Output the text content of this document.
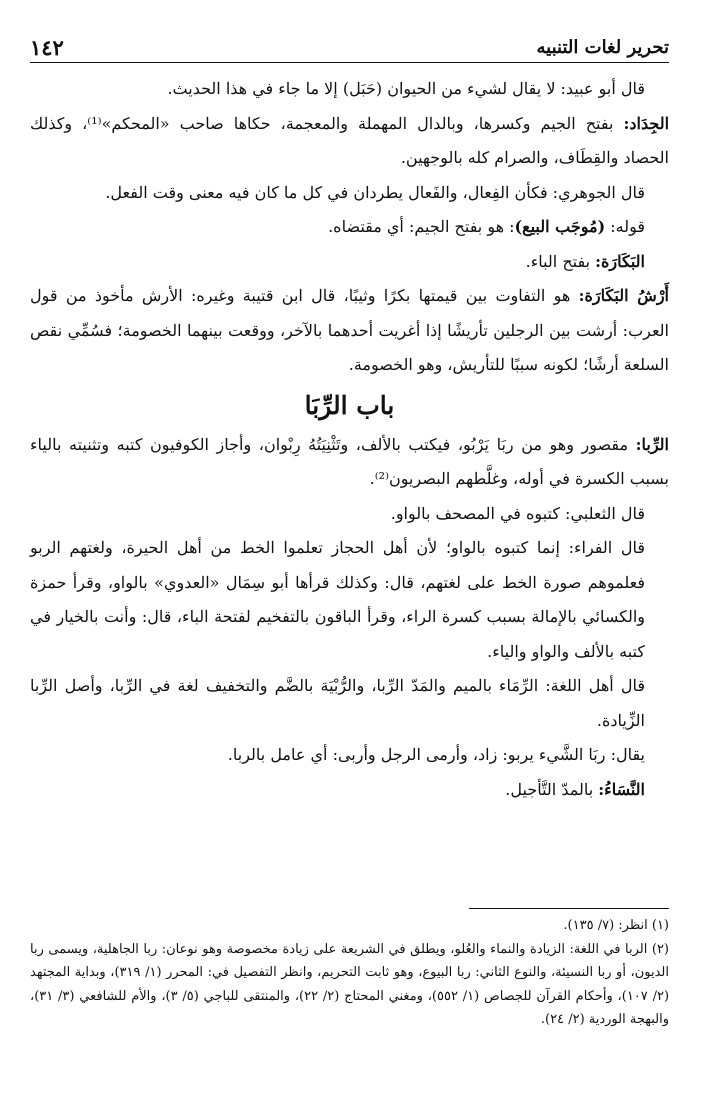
١٤٢	تحرير لغات التنبيه

قال أبو عبيد: لا يقال لشيء من الحيوان (حَبَل) إلا ما جاء في هذا الحديث.

الجِدَاد: بفتح الجيم وكسرها، وبالدال المهملة والمعجمة، حكاها صاحب «المحكم»⁽¹⁾، وكذلك الحصاد والقِطَاف، والصرام كله بالوجهين.

قال الجوهري: فكأن الفِعال، والفَعال يطردان في كل ما كان فيه معنى وقت الفعل.

قوله: (مُوجَب البيع): هو بفتح الجيم: أي مقتضاه.

البَكَارَة: بفتح الباء.

أَرْشُ البَكَارَة: هو التفاوت بين قيمتها بكرًا وثيبًا، قال ابن قتيبة وغيره: الأرش مأخوذ من قول العرب: أرشت بين الرجلين تأريشًا إذا أغريت أحدهما بالآخر، ووقعت بينهما الخصومة؛ فسُمِّي نقص السلعة أرشًا؛ لكونه سببًا للتأريش، وهو الخصومة.

باب الرِّبَا

الرِّبا: مقصور وهو من ربَا يَرْبُو، فيكتب بالألف، وتَثْنِيَتُهُ رِبْوان، وأجاز الكوفيون كتبه وتثنيته بالياء بسبب الكسرة في أوله، وغلَّطهم البصريون⁽²⁾.

قال الثعلبي: كتبوه في المصحف بالواو.

قال الفراء: إنما كتبوه بالواو؛ لأن أهل الحجاز تعلموا الخط من أهل الحيرة، ولغتهم الربو فعلموهم صورة الخط على لغتهم، قال: وكذلك قرأها أبو سِمَال «العدوي» بالواو، وقرأ حمزة والكسائي بالإمالة بسبب كسرة الراء، وقرأ الباقون بالتفخيم لفتحة الباء، قال: وأنت بالخيار في كتبه بالألف والواو والياء.

قال أهل اللغة: الرِّمَاء بالميم والمَدّ الرِّبا، والرُّبْيَة بالضَّم والتخفيف لغة في الرِّبا، وأصل الرِّبا الزِّيادة.

يقال: ربَا الشَّيء يربو: زاد، وأرمى الرجل وأربى: أي عامل بالربا.

النَّسَاءُ: بالمدّ التَّأجيل.

(١) انظر: (٧/ ١٣٥).

(٢) الربا في اللغة: الزيادة والنماء والعُلو، ويطلق في الشريعة على زيادة مخصوصة وهو نوعان: ربا الجاهلية، ويسمى ربا الديون، أو ربا النسيئة، والنوع الثاني: ربا البيوع، وهو ثابت التحريم، وانظر التفصيل في: المحرر (١/ ٣١٩)، وبداية المجتهد (٢/ ١٠٧)، وأحكام القرآن للجصاص (١/ ٥٥٢)، ومغني المحتاج (٢/ ٢٢)، والمنتقى للباجي (٥/ ٣)، والأم للشافعي (٣/ ٣١)، والبهجة الوردية (٢/ ٢٤).
